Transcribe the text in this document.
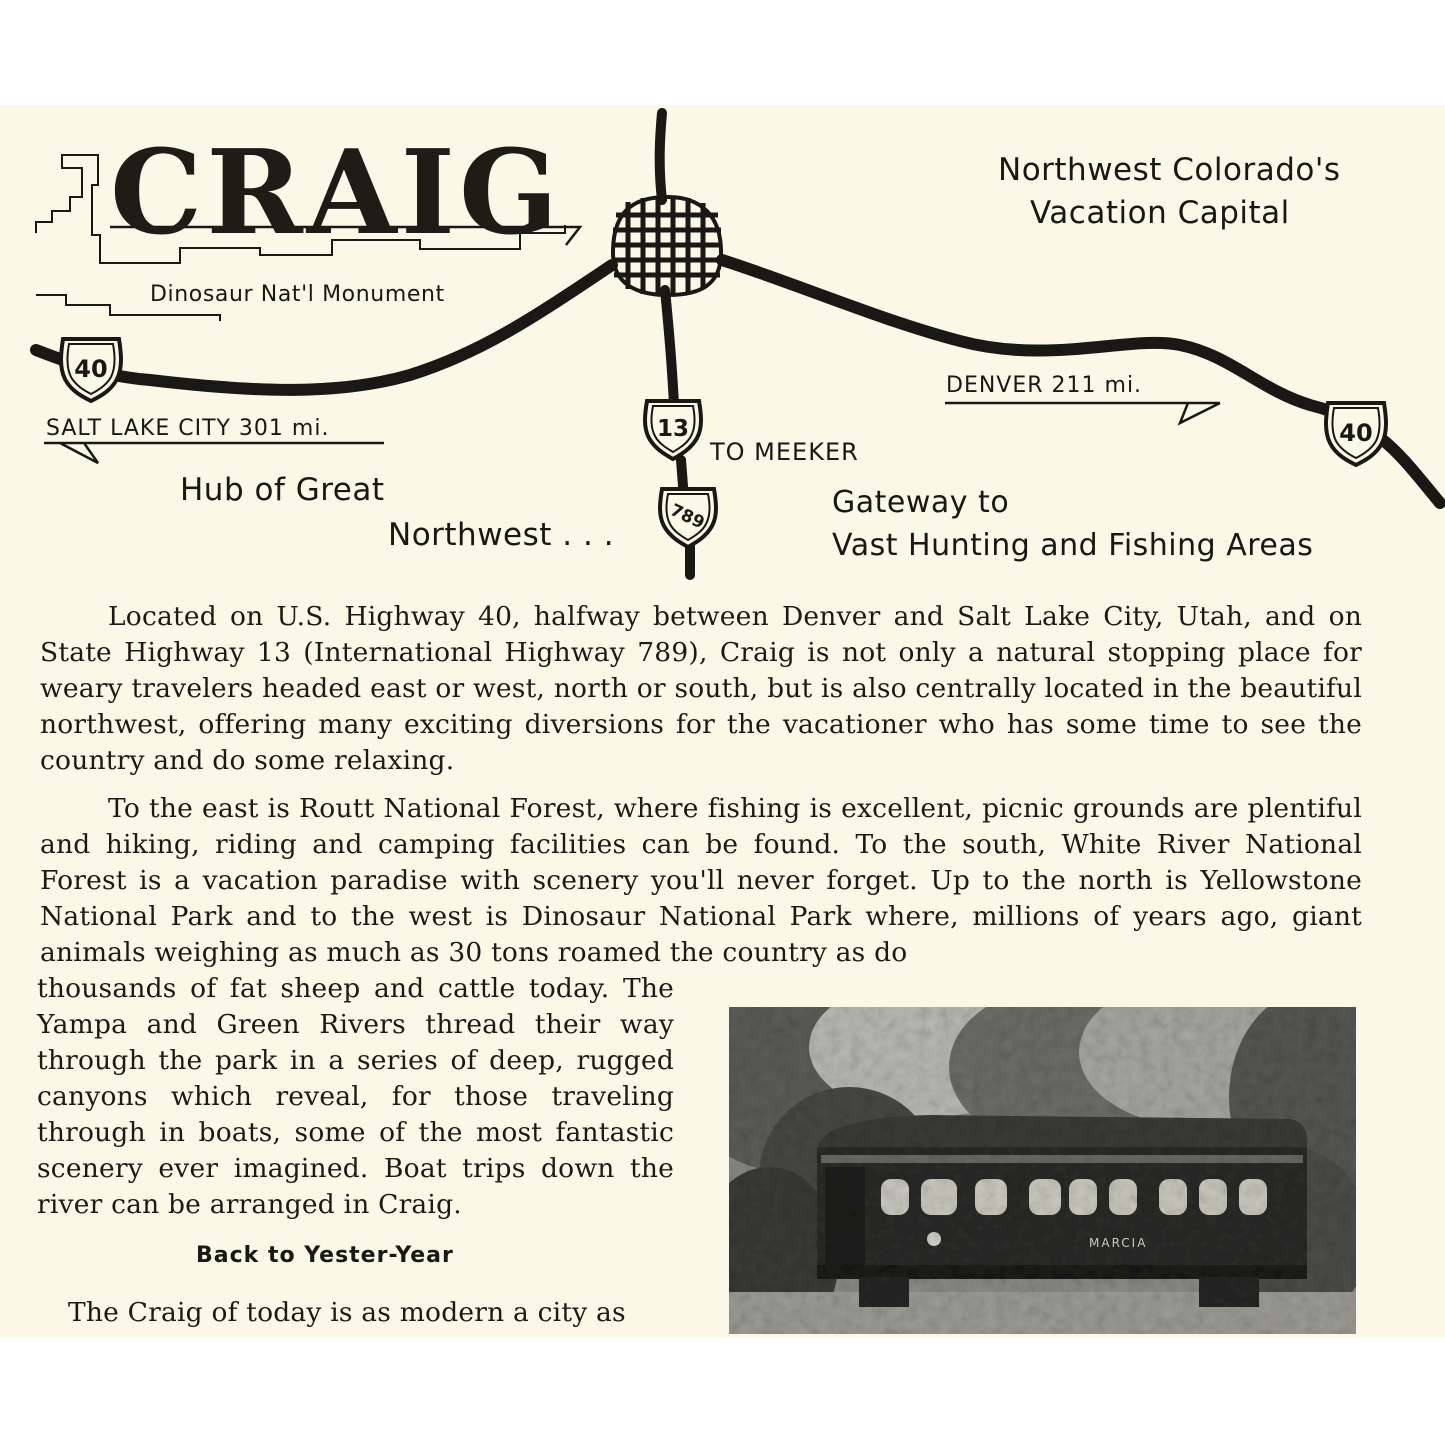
40
40
13
789
CRAIG	Northwest Colorado's
Vacation Capital
Dinosaur Nat'l Monument
SALT LAKE CITY 301 mi.
DENVER 211 mi.
TO MEEKER
Hub of Great
Northwest . . .
Gateway to
Vast Hunting and Fishing Areas

Located on U.S. Highway 40, halfway between Denver and Salt Lake City, Utah, and on State Highway 13 (International Highway 789), Craig is not only a natural stopping place for weary travelers headed east or west, north or south, but is also centrally located in the beautiful northwest, offering many exciting diversions for the vacationer who has some time to see the country and do some relaxing.

To the east is Routt National Forest, where fishing is excellent, picnic grounds are plentiful and hiking, riding and camping facilities can be found. To the south, White River National Forest is a vacation paradise with scenery you'll never forget. Up to the north is Yellowstone National Park and to the west is Dinosaur National Park where, millions of years ago, giant animals weighing as much as 30 tons roamed the country as do

thousands of fat sheep and cattle today. The Yampa and Green Rivers thread their way through the park in a series of deep, rugged canyons which reveal, for those traveling through in boats, some of the most fantastic scenery ever imagined. Boat trips down the river can be arranged in Craig.

Back to Yester-Year

The Craig of today is as modern a city as

MARCIA
